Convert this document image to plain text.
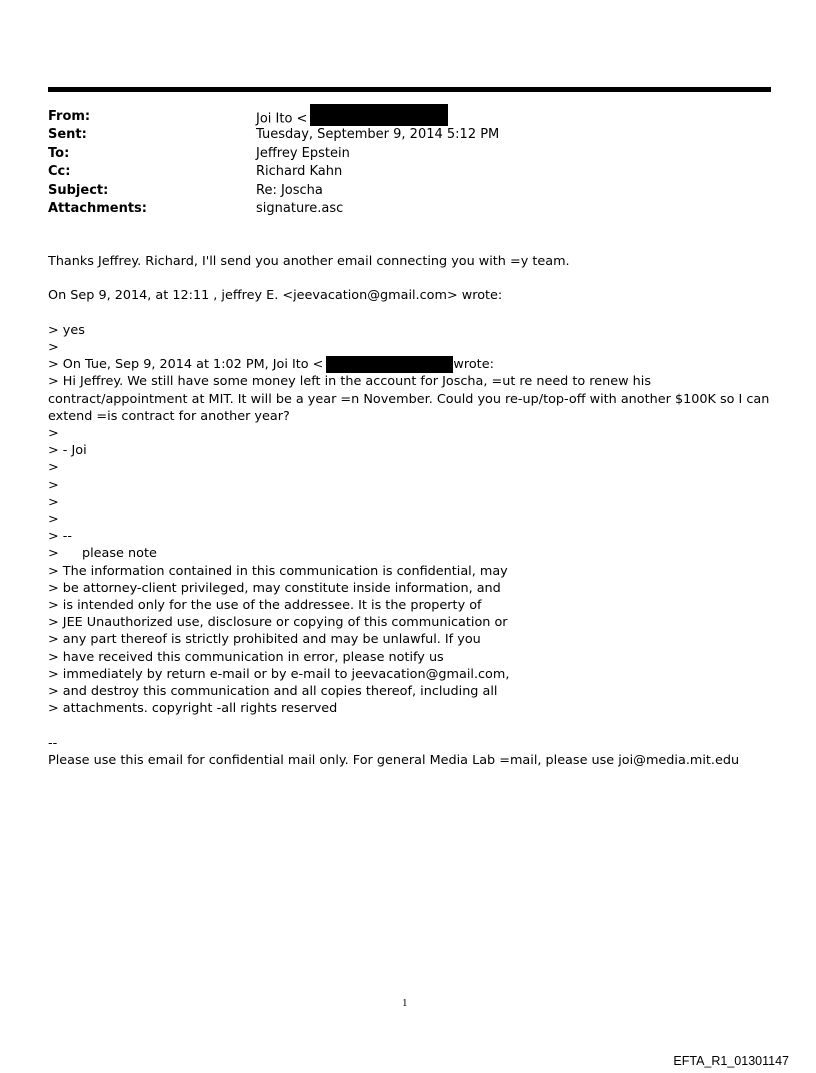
From:	Joi Ito <
Sent:	Tuesday, September 9, 2014 5:12 PM
To:	Jeffrey Epstein
Cc:	Richard Kahn
Subject:	Re: Joscha
Attachments:	signature.asc
Thanks Jeffrey. Richard, I'll send you another email connecting you with =y team.
On Sep 9, 2014, at 12:11 , jeffrey E. <jeevacation@gmail.com> wrote:
> yes
>
> On Tue, Sep 9, 2014 at 1:02 PM, Joi Ito <	wrote:
> Hi Jeffrey. We still have some money left in the account for Joscha, =ut re need to renew his contract/appointment at MIT. It will be a year =n November. Could you re-up/top-off with another $100K so I can extend =is contract for another year?
>
> - Joi
>
>
>
>
> --
> please note
> The information contained in this communication is confidential, may
> be attorney-client privileged, may constitute inside information, and
> is intended only for the use of the addressee. It is the property of
> JEE Unauthorized use, disclosure or copying of this communication or
> any part thereof is strictly prohibited and may be unlawful. If you
> have received this communication in error, please notify us
> immediately by return e-mail or by e-mail to jeevacation@gmail.com,
> and destroy this communication and all copies thereof, including all
> attachments. copyright -all rights reserved
--
Please use this email for confidential mail only. For general Media Lab =mail, please use joi@media.mit.edu
1
EFTA_R1_01301147
